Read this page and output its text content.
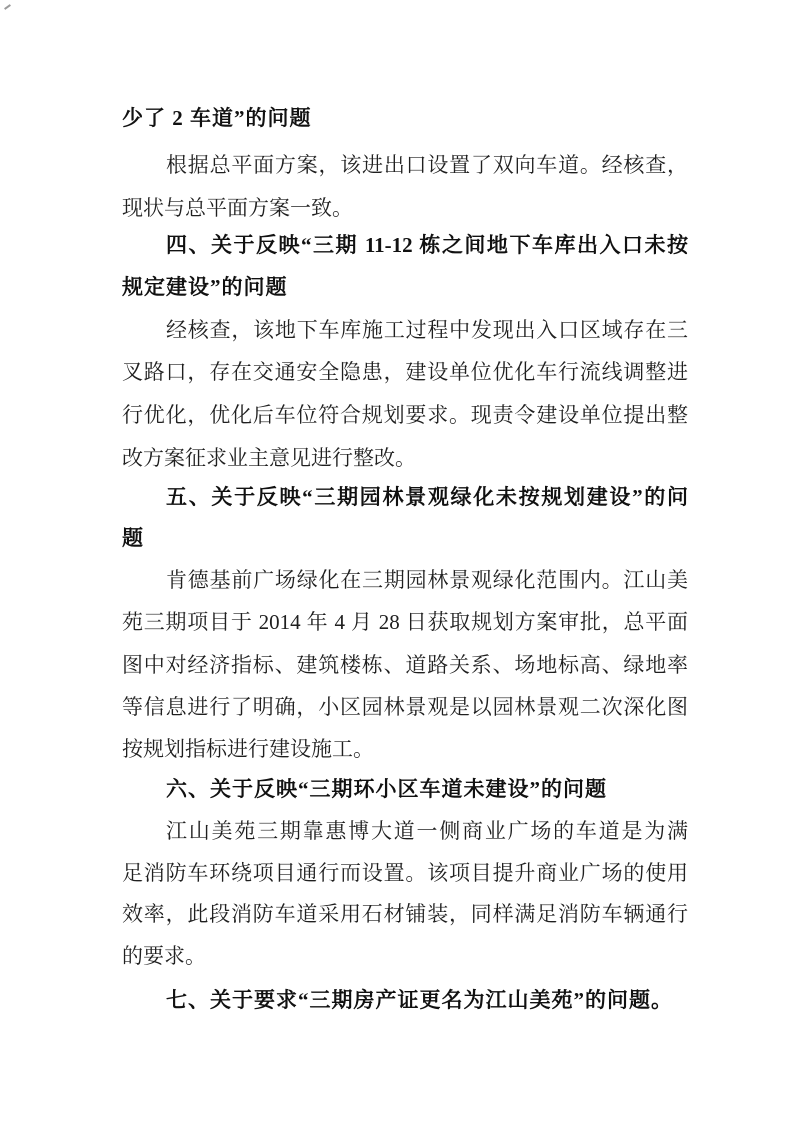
少了 2 车道”的问题
根据总平面方案，该进出口设置了双向车道。经核查，
现状与总平面方案一致。
四、关于反映“三期 11-12 栋之间地下车库出入口未按
规定建设”的问题
经核查，该地下车库施工过程中发现出入口区域存在三
叉路口，存在交通安全隐患，建设单位优化车行流线调整进
行优化，优化后车位符合规划要求。现责令建设单位提出整
改方案征求业主意见进行整改。
五、关于反映“三期园林景观绿化未按规划建设”的问
题
肯德基前广场绿化在三期园林景观绿化范围内。江山美
苑三期项目于 2014 年 4 月 28 日获取规划方案审批，总平面
图中对经济指标、建筑楼栋、道路关系、场地标高、绿地率
等信息进行了明确，小区园林景观是以园林景观二次深化图
按规划指标进行建设施工。
六、关于反映“三期环小区车道未建设”的问题
江山美苑三期靠惠博大道一侧商业广场的车道是为满
足消防车环绕项目通行而设置。该项目提升商业广场的使用
效率，此段消防车道采用石材铺装，同样满足消防车辆通行
的要求。
七、关于要求“三期房产证更名为江山美苑”的问题。
